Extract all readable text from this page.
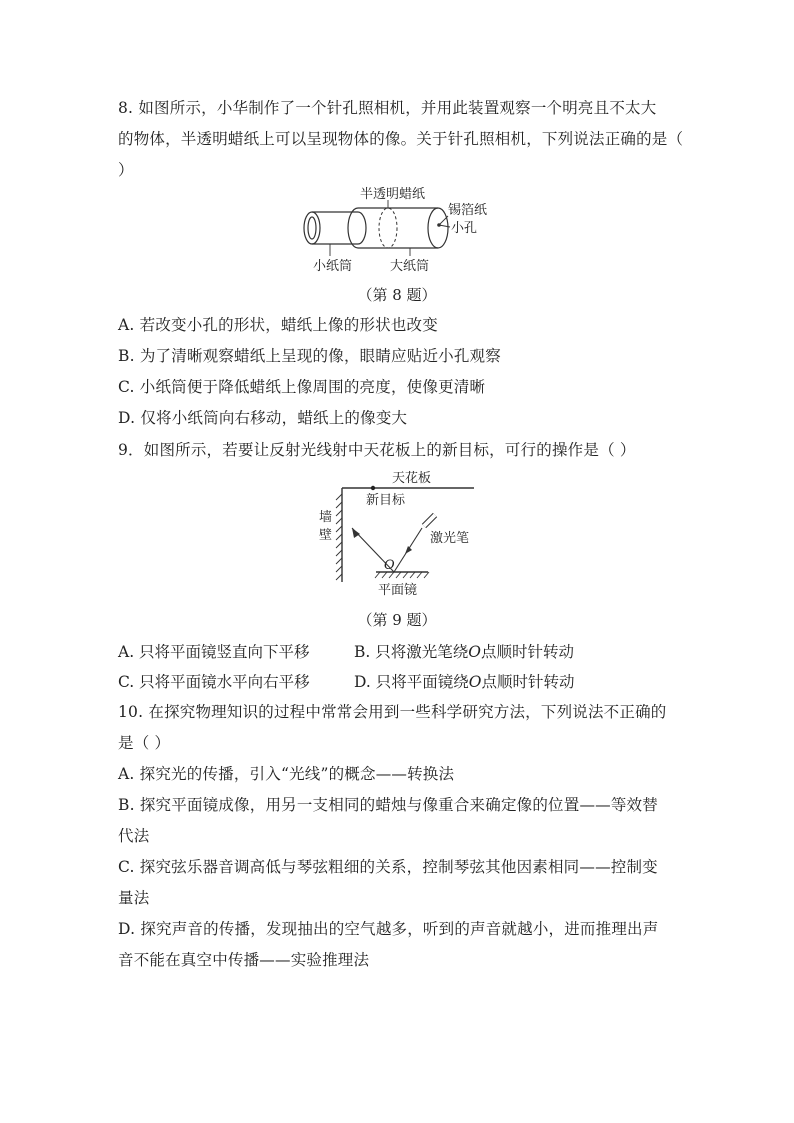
8. 如图所示，小华制作了一个针孔照相机，并用此装置观察一个明亮且不太大
的物体，半透明蜡纸上可以呈现物体的像。关于针孔照相机，下列说法正确的是（
）
半透明蜡纸
锡箔纸
小孔
小纸筒	大纸筒
（第 8 题）
A. 若改变小孔的形状，蜡纸上像的形状也改变
B. 为了清晰观察蜡纸上呈现的像，眼睛应贴近小孔观察
C. 小纸筒便于降低蜡纸上像周围的亮度，使像更清晰
D. 仅将小纸筒向右移动，蜡纸上的像变大
9．如图所示，若要让反射光线射中天花板上的新目标，可行的操作是（ ）
天花板
新目标
墙
壁
O
平面镜
激光笔
（第 9 题）
A. 只将平面镜竖直向下平移	B. 只将激光笔绕O点顺时针转动
C. 只将平面镜水平向右平移	D. 只将平面镜绕O点顺时针转动
10. 在探究物理知识的过程中常常会用到一些科学研究方法，下列说法不正确的
是（ ）
A. 探究光的传播，引入“光线”的概念——转换法
B. 探究平面镜成像，用另一支相同的蜡烛与像重合来确定像的位置——等效替
代法
C. 探究弦乐器音调高低与琴弦粗细的关系，控制琴弦其他因素相同——控制变
量法
D. 探究声音的传播，发现抽出的空气越多，听到的声音就越小，进而推理出声
音不能在真空中传播——实验推理法
